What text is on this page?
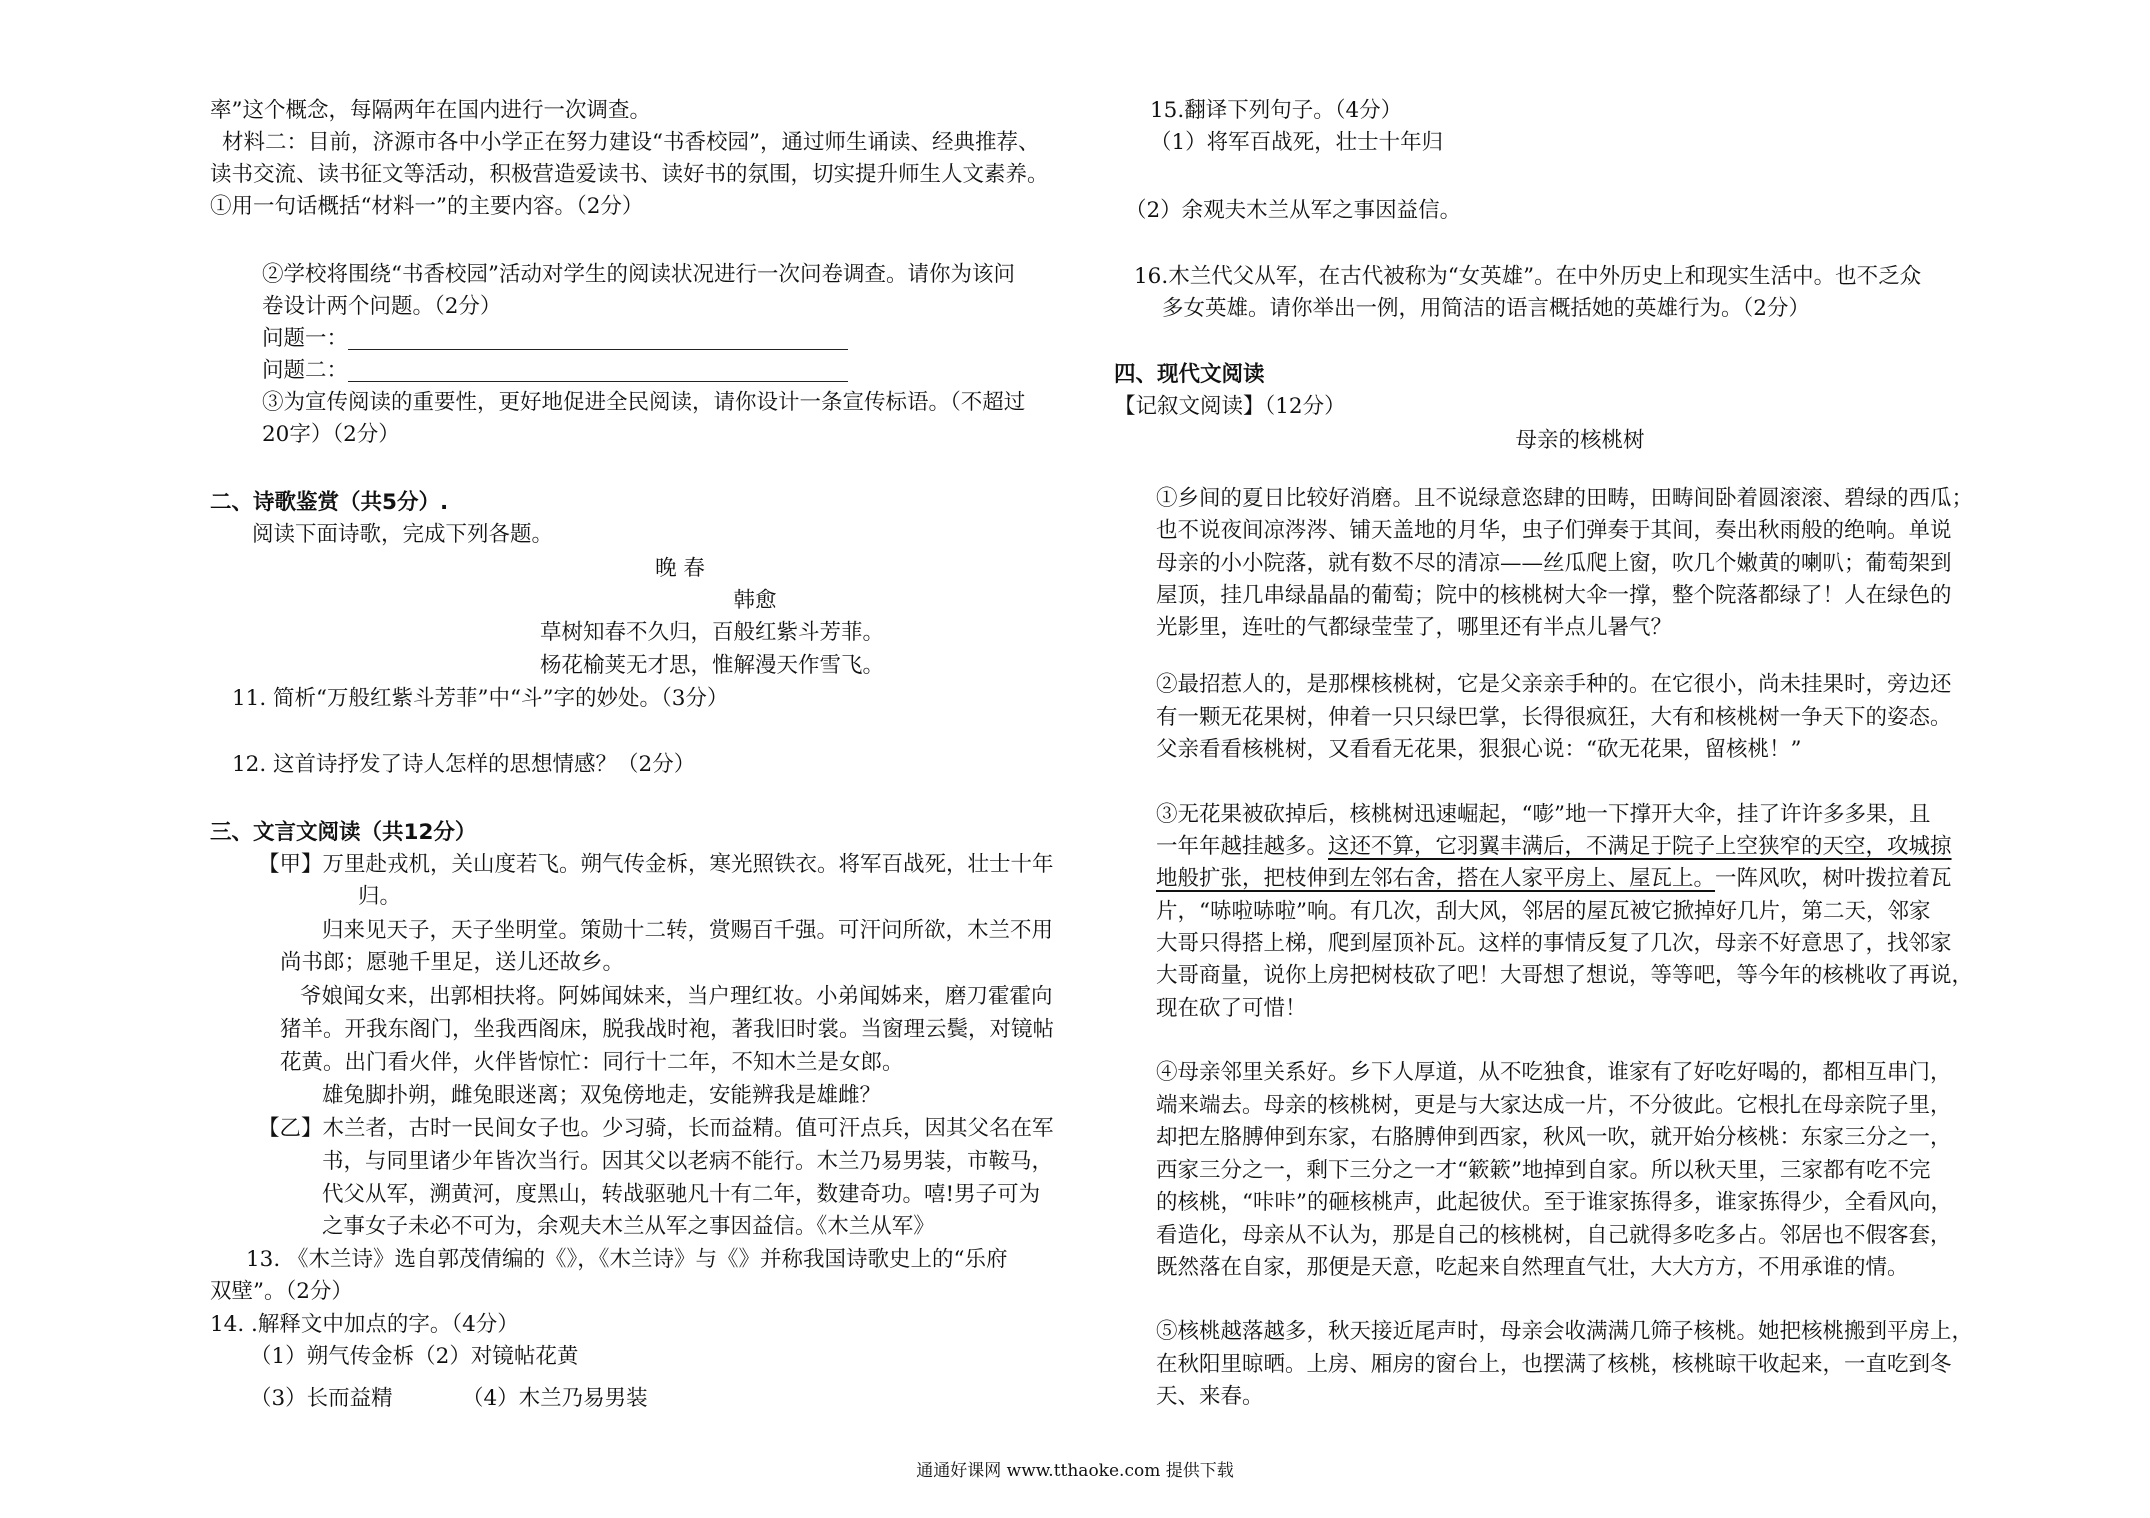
率”这个概念，每隔两年在国内进行一次调查。
材料二：目前，济源市各中小学正在努力建设“书香校园”，通过师生诵读、经典推荐、
读书交流、读书征文等活动，积极营造爱读书、读好书的氛围，切实提升师生人文素养。
①用一句话概括“材料一”的主要内容。（2分）
②学校将围绕“书香校园”活动对学生的阅读状况进行一次问卷调查。请你为该问
卷设计两个问题。（2分）
问题一：
问题二：
③为宣传阅读的重要性，更好地促进全民阅读，请你设计一条宣传标语。（不超过
20字）（2分）
二、诗歌鉴赏（共5分）.
阅读下面诗歌，完成下列各题。
晚 春
韩愈
草树知春不久归，百般红紫斗芳菲。
杨花榆荚无才思，惟解漫天作雪飞。
11. 简析“万般红紫斗芳菲”中“斗”字的妙处。（3分）
12. 这首诗抒发了诗人怎样的思想情感？（2分）
三、文言文阅读（共12分）
【甲】万里赴戎机，关山度若飞。朔气传金柝，寒光照铁衣。将军百战死，壮士十年
归。
归来见天子，天子坐明堂。策勋十二转，赏赐百千强。可汗问所欲，木兰不用
尚书郎；愿驰千里足，送儿还故乡。
爷娘闻女来，出郭相扶将。阿姊闻妹来，当户理红妆。小弟闻姊来，磨刀霍霍向
猪羊。开我东阁门，坐我西阁床，脱我战时袍，著我旧时裳。当窗理云鬓，对镜帖
花黄。出门看火伴，火伴皆惊忙：同行十二年，不知木兰是女郎。
雄兔脚扑朔，雌兔眼迷离；双兔傍地走，安能辨我是雄雌？
【乙】木兰者，古时一民间女子也。少习骑，长而益精。值可汗点兵，因其父名在军
书，与同里诸少年皆次当行。因其父以老病不能行。木兰乃易男装，市鞍马，
代父从军，溯黄河，度黑山，转战驱驰凡十有二年，数建奇功。嘻!男子可为
之事女子未必不可为，余观夫木兰从军之事因益信。《木兰从军》
13. 《木兰诗》选自郭茂倩编的《》，《木兰诗》与《》并称我国诗歌史上的“乐府
双壁”。（2分）
14. .解释文中加点的字。（4分）
（1）朔气传金柝（2）对镜帖花黄
（3）长而益精	（4）木兰乃易男装
15.翻译下列句子。（4分）
（1）将军百战死，壮士十年归
（2）余观夫木兰从军之事因益信。
16.木兰代父从军，在古代被称为“女英雄”。在中外历史上和现实生活中。也不乏众
多女英雄。请你举出一例，用简洁的语言概括她的英雄行为。（2分）
四、现代文阅读
【记叙文阅读】（12分）
母亲的核桃树
①乡间的夏日比较好消磨。且不说绿意恣肆的田畴，田畴间卧着圆滚滚、碧绿的西瓜；
也不说夜间凉涔涔、铺天盖地的月华，虫子们弹奏于其间，奏出秋雨般的绝响。单说
母亲的小小院落，就有数不尽的清凉——丝瓜爬上窗，吹几个嫩黄的喇叭；葡萄架到
屋顶，挂几串绿晶晶的葡萄；院中的核桃树大伞一撑，整个院落都绿了！人在绿色的
光影里，连吐的气都绿莹莹了，哪里还有半点儿暑气？
②最招惹人的，是那棵核桃树，它是父亲亲手种的。在它很小，尚未挂果时，旁边还
有一颗无花果树，伸着一只只绿巴掌，长得很疯狂，大有和核桃树一争天下的姿态。
父亲看看核桃树，又看看无花果，狠狠心说：“砍无花果，留核桃！”
③无花果被砍掉后，核桃树迅速崛起，“嘭”地一下撑开大伞，挂了许许多多果，且
一年年越挂越多。这还不算，它羽翼丰满后，不满足于院子上空狭窄的天空，攻城掠
地般扩张，把枝伸到左邻右舍，搭在人家平房上、屋瓦上。一阵风吹，树叶拨拉着瓦
片，“哧啦哧啦”响。有几次，刮大风，邻居的屋瓦被它掀掉好几片，第二天，邻家
大哥只得搭上梯，爬到屋顶补瓦。这样的事情反复了几次，母亲不好意思了，找邻家
大哥商量，说你上房把树枝砍了吧！大哥想了想说，等等吧，等今年的核桃收了再说，
现在砍了可惜！
④母亲邻里关系好。乡下人厚道，从不吃独食，谁家有了好吃好喝的，都相互串门，
端来端去。母亲的核桃树，更是与大家达成一片，不分彼此。它根扎在母亲院子里，
却把左胳膊伸到东家，右胳膊伸到西家，秋风一吹，就开始分核桃：东家三分之一，
西家三分之一，剩下三分之一才“簌簌”地掉到自家。所以秋天里，三家都有吃不完
的核桃，“咔咔”的砸核桃声，此起彼伏。至于谁家拣得多，谁家拣得少，全看风向，
看造化，母亲从不认为，那是自己的核桃树，自己就得多吃多占。邻居也不假客套，
既然落在自家，那便是天意，吃起来自然理直气壮，大大方方，不用承谁的情。
⑤核桃越落越多，秋天接近尾声时，母亲会收满满几筛子核桃。她把核桃搬到平房上，
在秋阳里晾晒。上房、厢房的窗台上，也摆满了核桃，核桃晾干收起来，一直吃到冬
天、来春。
通通好课网 www.tthaoke.com 提供下载
